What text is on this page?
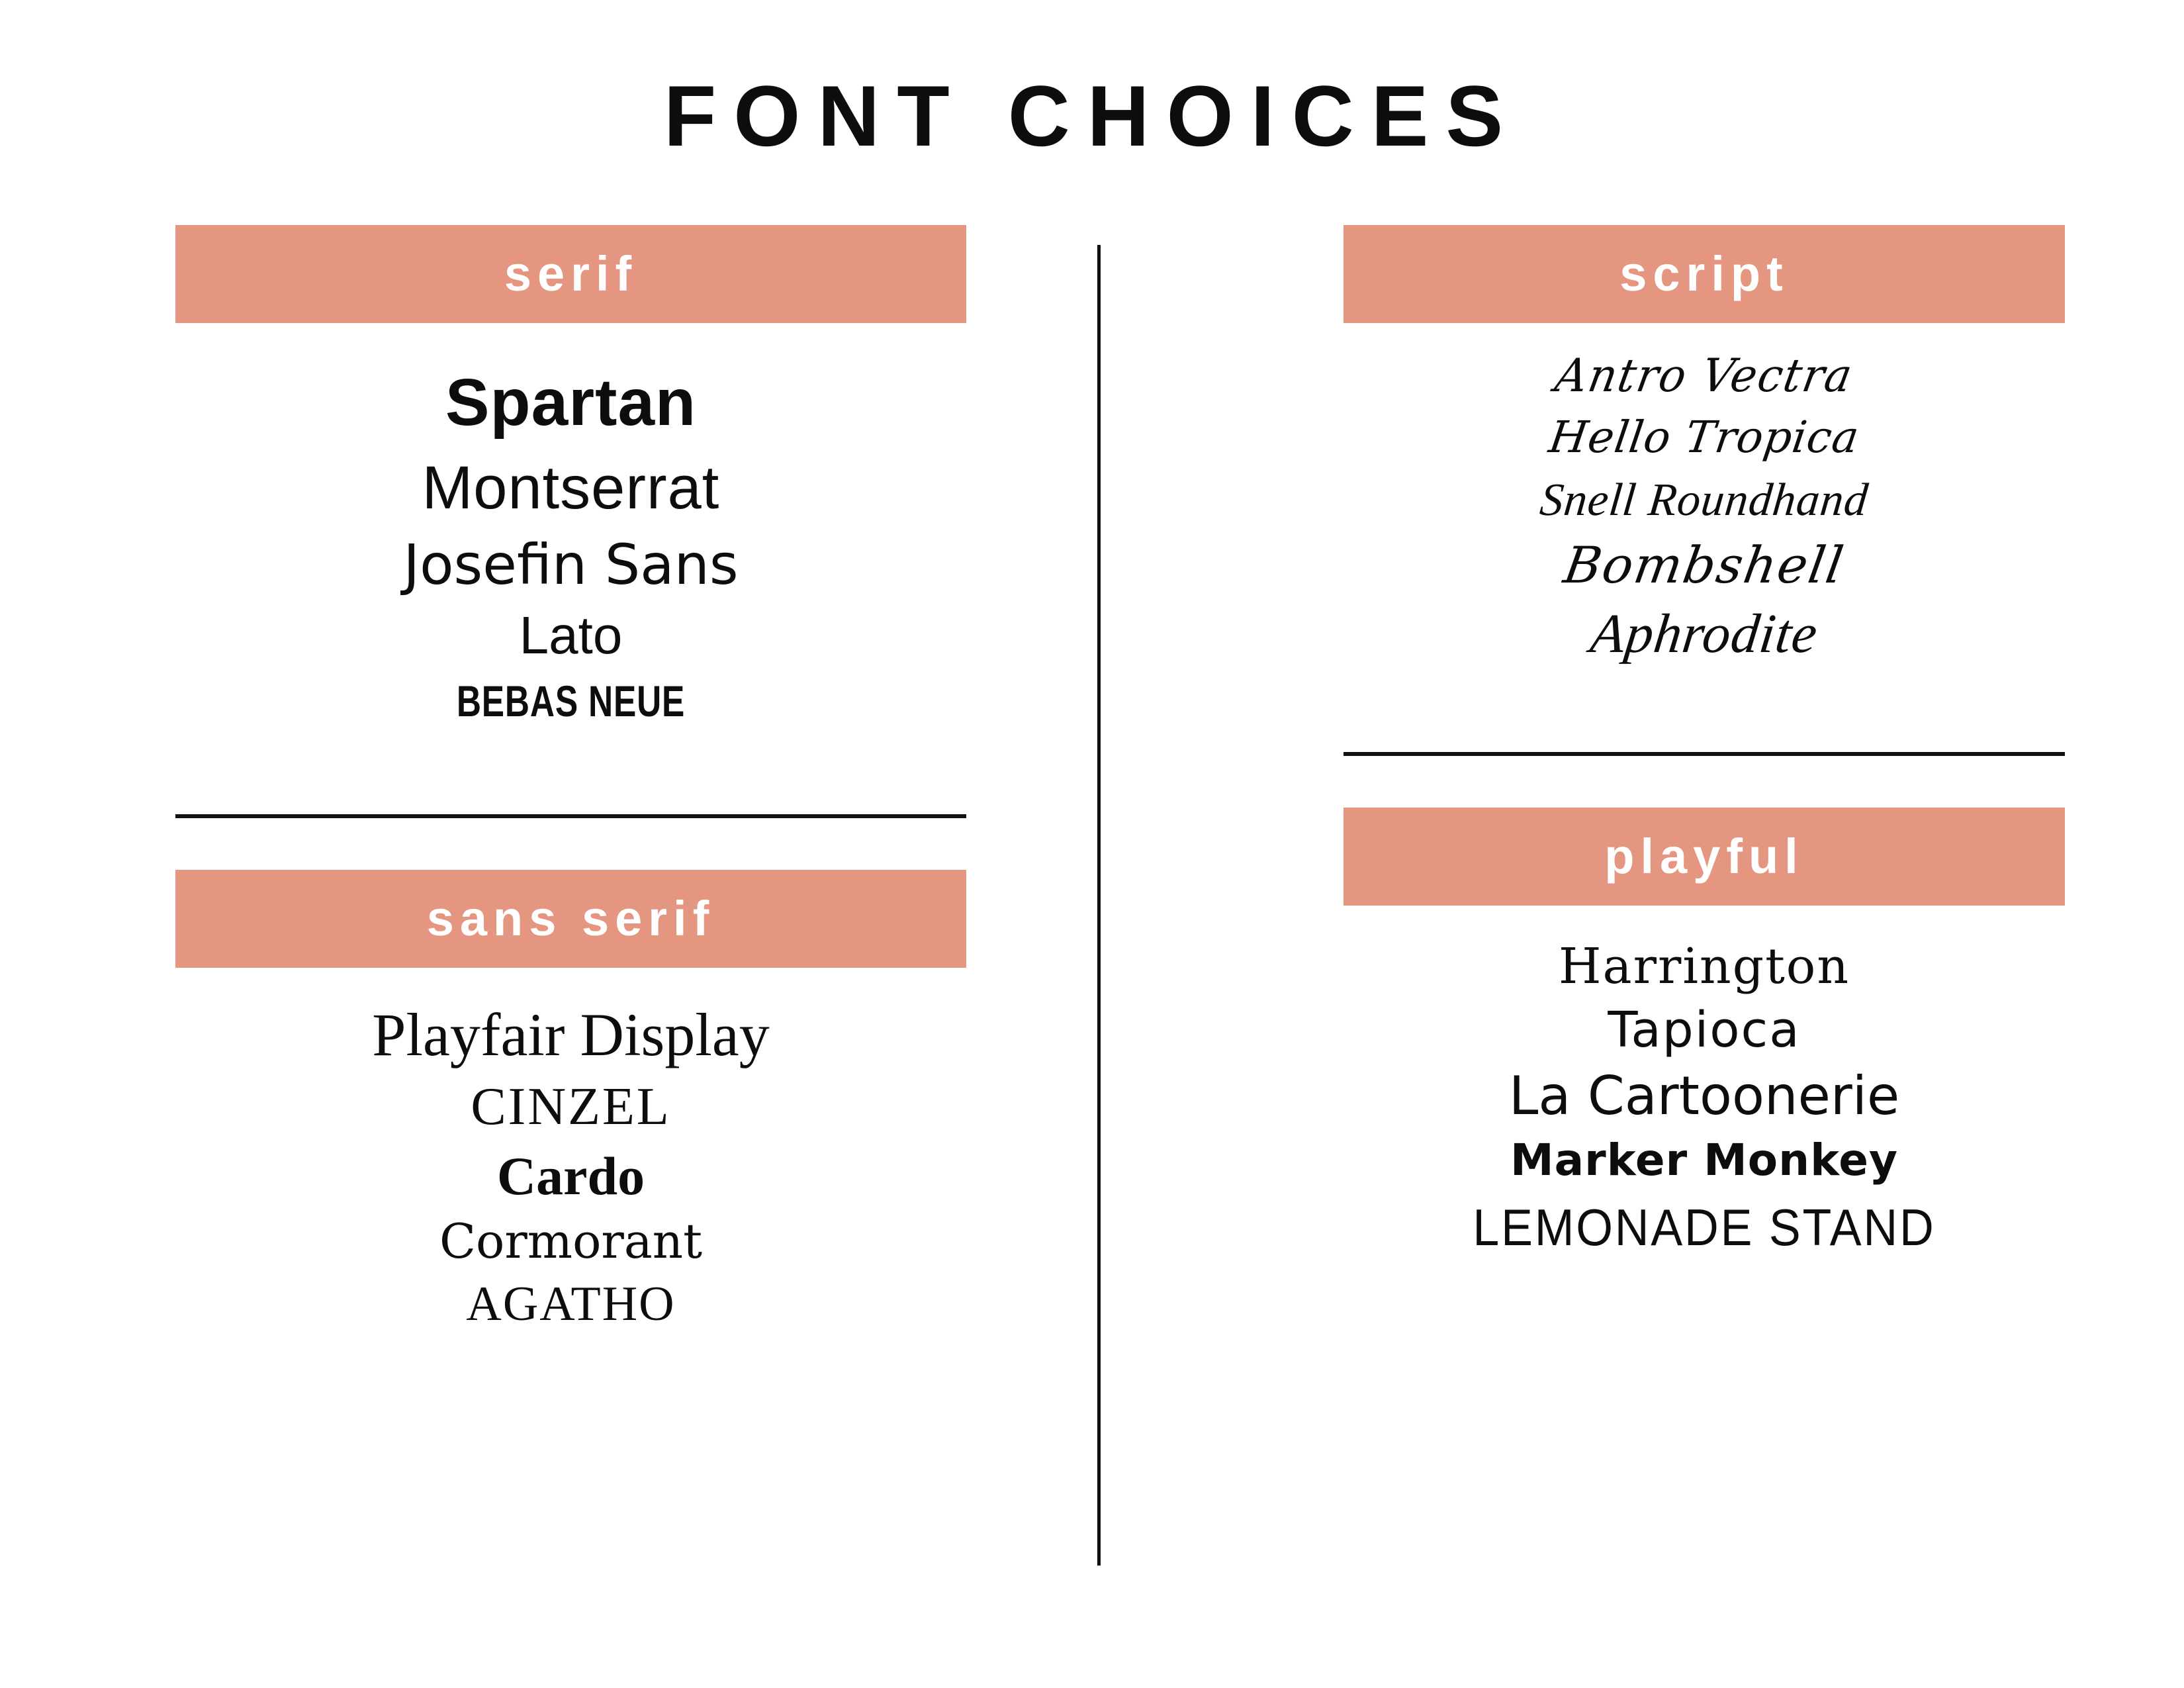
FONT CHOICES
serif
Spartan
Montserrat
Josefin Sans
Lato
BEBAS NEUE
sans serif
Playfair Display
CINZEL
Cardo
Cormorant
AGATHO
script
Antro Vectra
Hello Tropica
Snell Roundhand
Bombshell
Aphrodite
playful
Harrington
Tapioca
La Cartoonerie
Marker Monkey
LEMONADE STAND
